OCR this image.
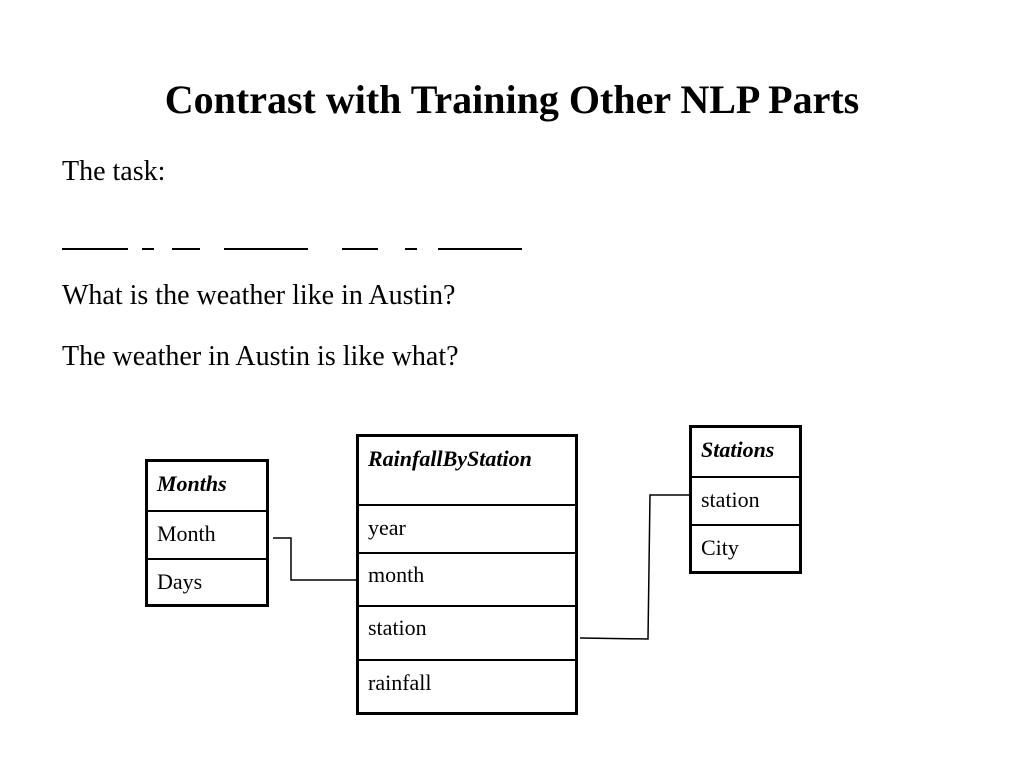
Contrast with Training Other NLP Parts
The task:
What is the weather like in Austin?
The weather in Austin is like what?
Months
Month
Days
RainfallByStation
year
month
station
rainfall
Stations
station
City
